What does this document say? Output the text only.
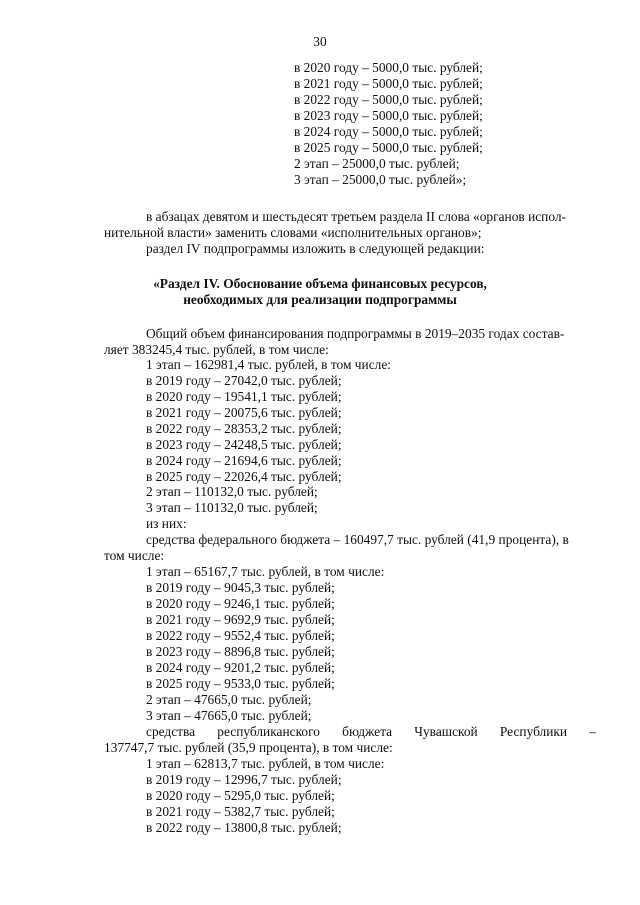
30
в 2020 году – 5000,0 тыс. рублей;
в 2021 году – 5000,0 тыс. рублей;
в 2022 году – 5000,0 тыс. рублей;
в 2023 году – 5000,0 тыс. рублей;
в 2024 году – 5000,0 тыс. рублей;
в 2025 году – 5000,0 тыс. рублей;
2 этап – 25000,0 тыс. рублей;
3 этап – 25000,0 тыс. рублей»;
в абзацах девятом и шестьдесят третьем раздела II слова «органов испол-
нительной власти» заменить словами «исполнительных органов»;
раздел IV подпрограммы изложить в следующей редакции:
«Раздел IV. Обоснование объема финансовых ресурсов,
необходимых для реализации подпрограммы
Общий объем финансирования подпрограммы в 2019–2035 годах состав-
ляет 383245,4 тыс. рублей, в том числе:
1 этап – 162981,4 тыс. рублей, в том числе:
в 2019 году – 27042,0 тыс. рублей;
в 2020 году – 19541,1 тыс. рублей;
в 2021 году – 20075,6 тыс. рублей;
в 2022 году – 28353,2 тыс. рублей;
в 2023 году – 24248,5 тыс. рублей;
в 2024 году – 21694,6 тыс. рублей;
в 2025 году – 22026,4 тыс. рублей;
2 этап – 110132,0 тыс. рублей;
3 этап – 110132,0 тыс. рублей;
из них:
средства федерального бюджета – 160497,7 тыс. рублей (41,9 процента), в
том числе:
1 этап – 65167,7 тыс. рублей, в том числе:
в 2019 году – 9045,3 тыс. рублей;
в 2020 году – 9246,1 тыс. рублей;
в 2021 году – 9692,9 тыс. рублей;
в 2022 году – 9552,4 тыс. рублей;
в 2023 году – 8896,8 тыс. рублей;
в 2024 году – 9201,2 тыс. рублей;
в 2025 году – 9533,0 тыс. рублей;
2 этап – 47665,0 тыс. рублей;
3 этап – 47665,0 тыс. рублей;
средства республиканского бюджета Чувашской Республики –
137747,7 тыс. рублей (35,9 процента), в том числе:
1 этап – 62813,7 тыс. рублей, в том числе:
в 2019 году – 12996,7 тыс. рублей;
в 2020 году – 5295,0 тыс. рублей;
в 2021 году – 5382,7 тыс. рублей;
в 2022 году – 13800,8 тыс. рублей;
